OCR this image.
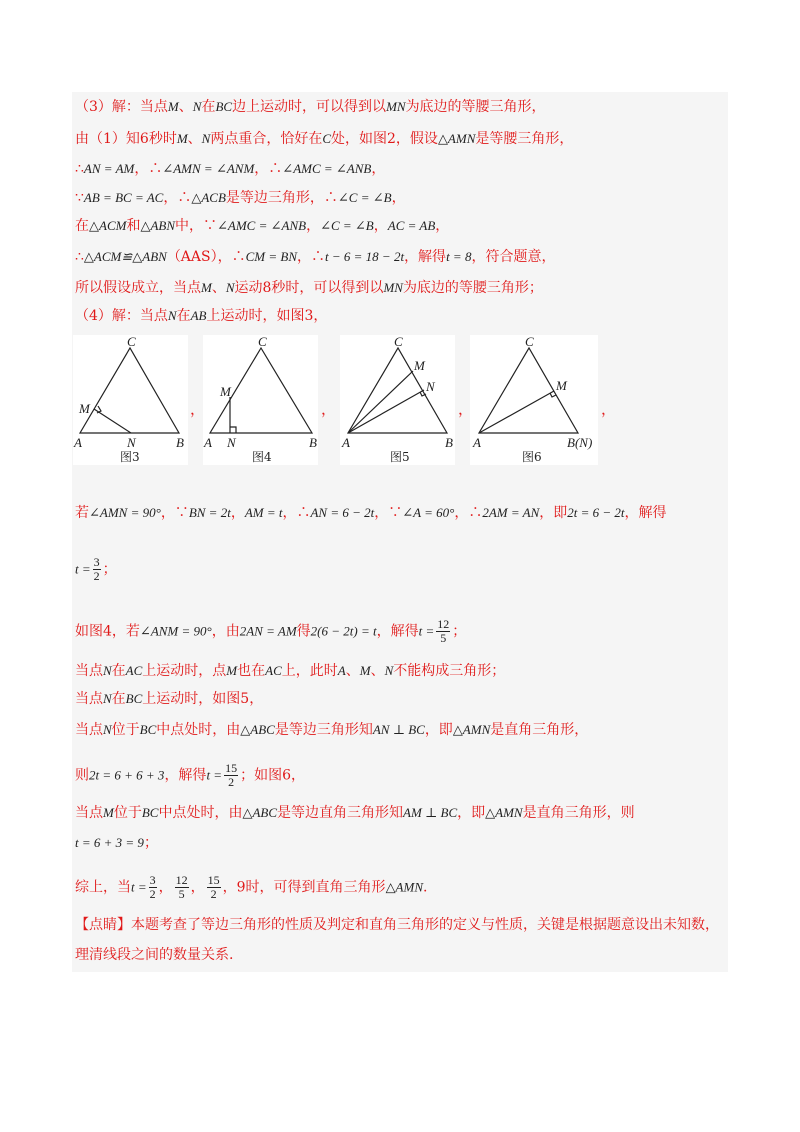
（3）解：当点M、N在BC边上运动时，可以得到以MN为底边的等腰三角形，
由（1）知6秒时M、N两点重合，恰好在C处，如图2，假设△AMN是等腰三角形，
∴AN = AM，∴∠AMN = ∠ANM，∴∠AMC = ∠ANB，
∵AB = BC = AC，∴△ACB是等边三角形，∴∠C = ∠B，
在△ACM和△ABN中，∵∠AMC = ∠ANB，∠C = ∠B，AC = AB，
∴△ACM≌△ABN（AAS），∴CM = BN，∴t − 6 = 18 − 2t，解得t = 8，符合题意，
所以假设成立，当点M、N运动8秒时，可以得到以MN为底边的等腰三角形；
（4）解：当点N在AB上运动时，如图3，
C
M
A	N	B
图3
C
M
A N	B
图4
C
M
N
A	B
图5
C
M
A	B(N)
图6
，	，	，	，
若∠AMN = 90°，∵BN = 2t，AM = t，∴AN = 6 − 2t，∵∠A = 60°，∴2AM = AN，即2t = 6 − 2t，解得
$t = \frac{3}{2}$ ；
如图4，若∠ANM = 90°，由2AN = AM得2(6 − 2t) = t，解得$t = \frac{12}{5}$ ；
当点N在AC上运动时，点M也在AC上，此时A、M、N不能构成三角形；
当点N在BC上运动时，如图5，
当点N位于BC中点处时，由△ABC是等边三角形知AN ⊥ BC，即△AMN是直角三角形，
则2t = 6 + 6 + 3，解得$t = \frac{15}{2}$ ；如图6，
当点M位于BC中点处时，由△ABC是等边直角三角形知AM ⊥ BC，即△AMN是直角三角形，则
t = 6 + 3 = 9；
综上，当$t = \frac{3}{2}$ ， $\frac{12}{5}$ ， $\frac{15}{2}$ ，9时，可得到直角三角形△AMN.
【点睛】本题考查了等边三角形的性质及判定和直角三角形的定义与性质，关键是根据题意设出未知数，
理清线段之间的数量关系.
